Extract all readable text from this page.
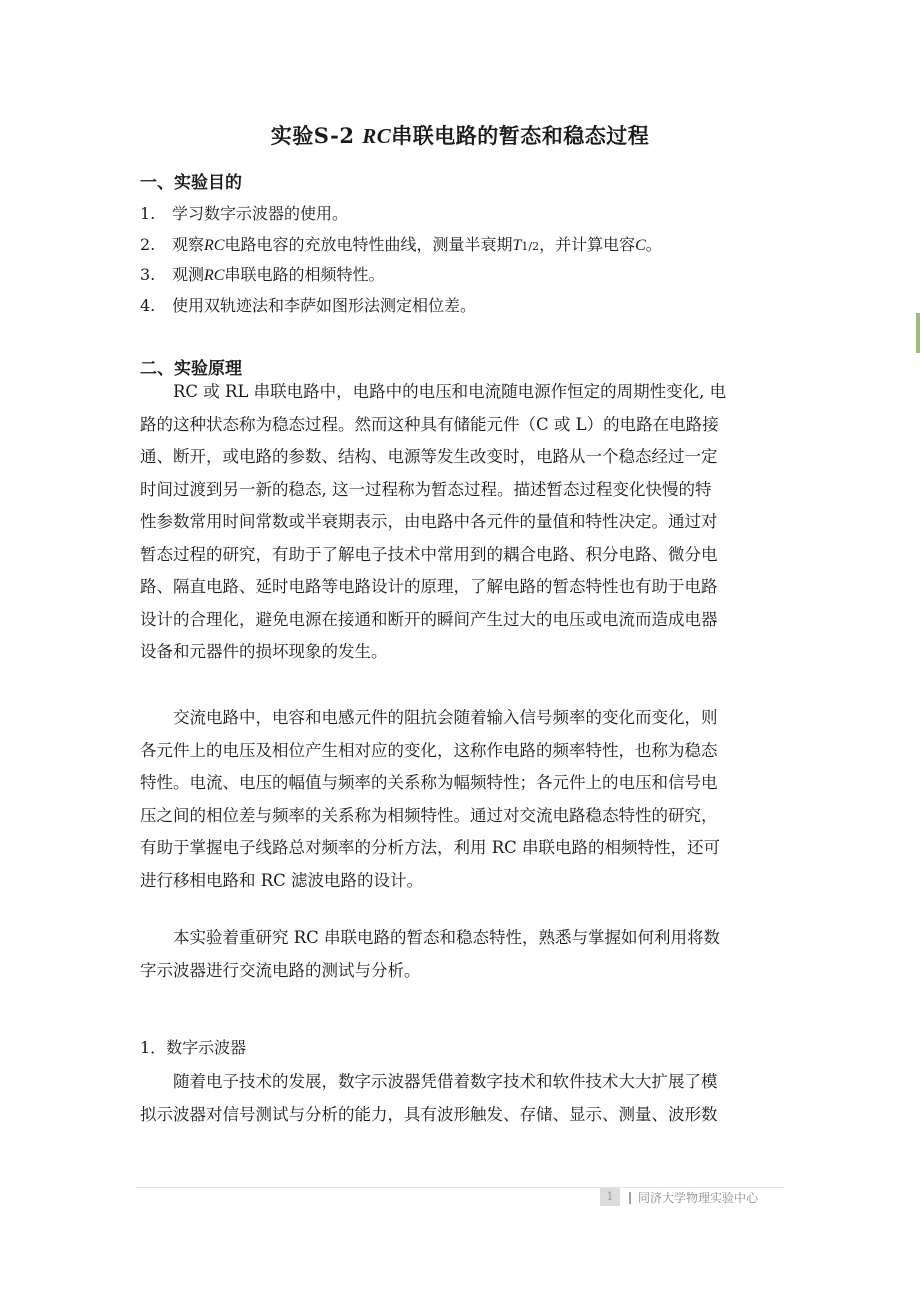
实验S-2 RC串联电路的暂态和稳态过程
一、实验目的
1. 学习数字示波器的使用。
2. 观察RC电路电容的充放电特性曲线，测量半衰期T1/2，并计算电容C。
3. 观测RC串联电路的相频特性。
4. 使用双轨迹法和李萨如图形法测定相位差。
二、实验原理
RC 或 RL 串联电路中，电路中的电压和电流随电源作恒定的周期性变化, 电
路的这种状态称为稳态过程。然而这种具有储能元件（C 或 L）的电路在电路接
通、断开，或电路的参数、结构、电源等发生改变时，电路从一个稳态经过一定
时间过渡到另一新的稳态, 这一过程称为暂态过程。描述暂态过程变化快慢的特
性参数常用时间常数或半衰期表示，由电路中各元件的量值和特性决定。通过对
暂态过程的研究，有助于了解电子技术中常用到的耦合电路、积分电路、微分电
路、隔直电路、延时电路等电路设计的原理，了解电路的暂态特性也有助于电路
设计的合理化，避免电源在接通和断开的瞬间产生过大的电压或电流而造成电器
设备和元器件的损坏现象的发生。
交流电路中，电容和电感元件的阻抗会随着输入信号频率的变化而变化，则
各元件上的电压及相位产生相对应的变化，这称作电路的频率特性，也称为稳态
特性。电流、电压的幅值与频率的关系称为幅频特性；各元件上的电压和信号电
压之间的相位差与频率的关系称为相频特性。通过对交流电路稳态特性的研究，
有助于掌握电子线路总对频率的分析方法，利用 RC 串联电路的相频特性，还可
进行移相电路和 RC 滤波电路的设计。
本实验着重研究 RC 串联电路的暂态和稳态特性，熟悉与掌握如何利用将数
字示波器进行交流电路的测试与分析。
1．数字示波器
随着电子技术的发展，数字示波器凭借着数字技术和软件技术大大扩展了模
拟示波器对信号测试与分析的能力，具有波形触发、存储、显示、测量、波形数
1	| 同济大学物理实验中心
